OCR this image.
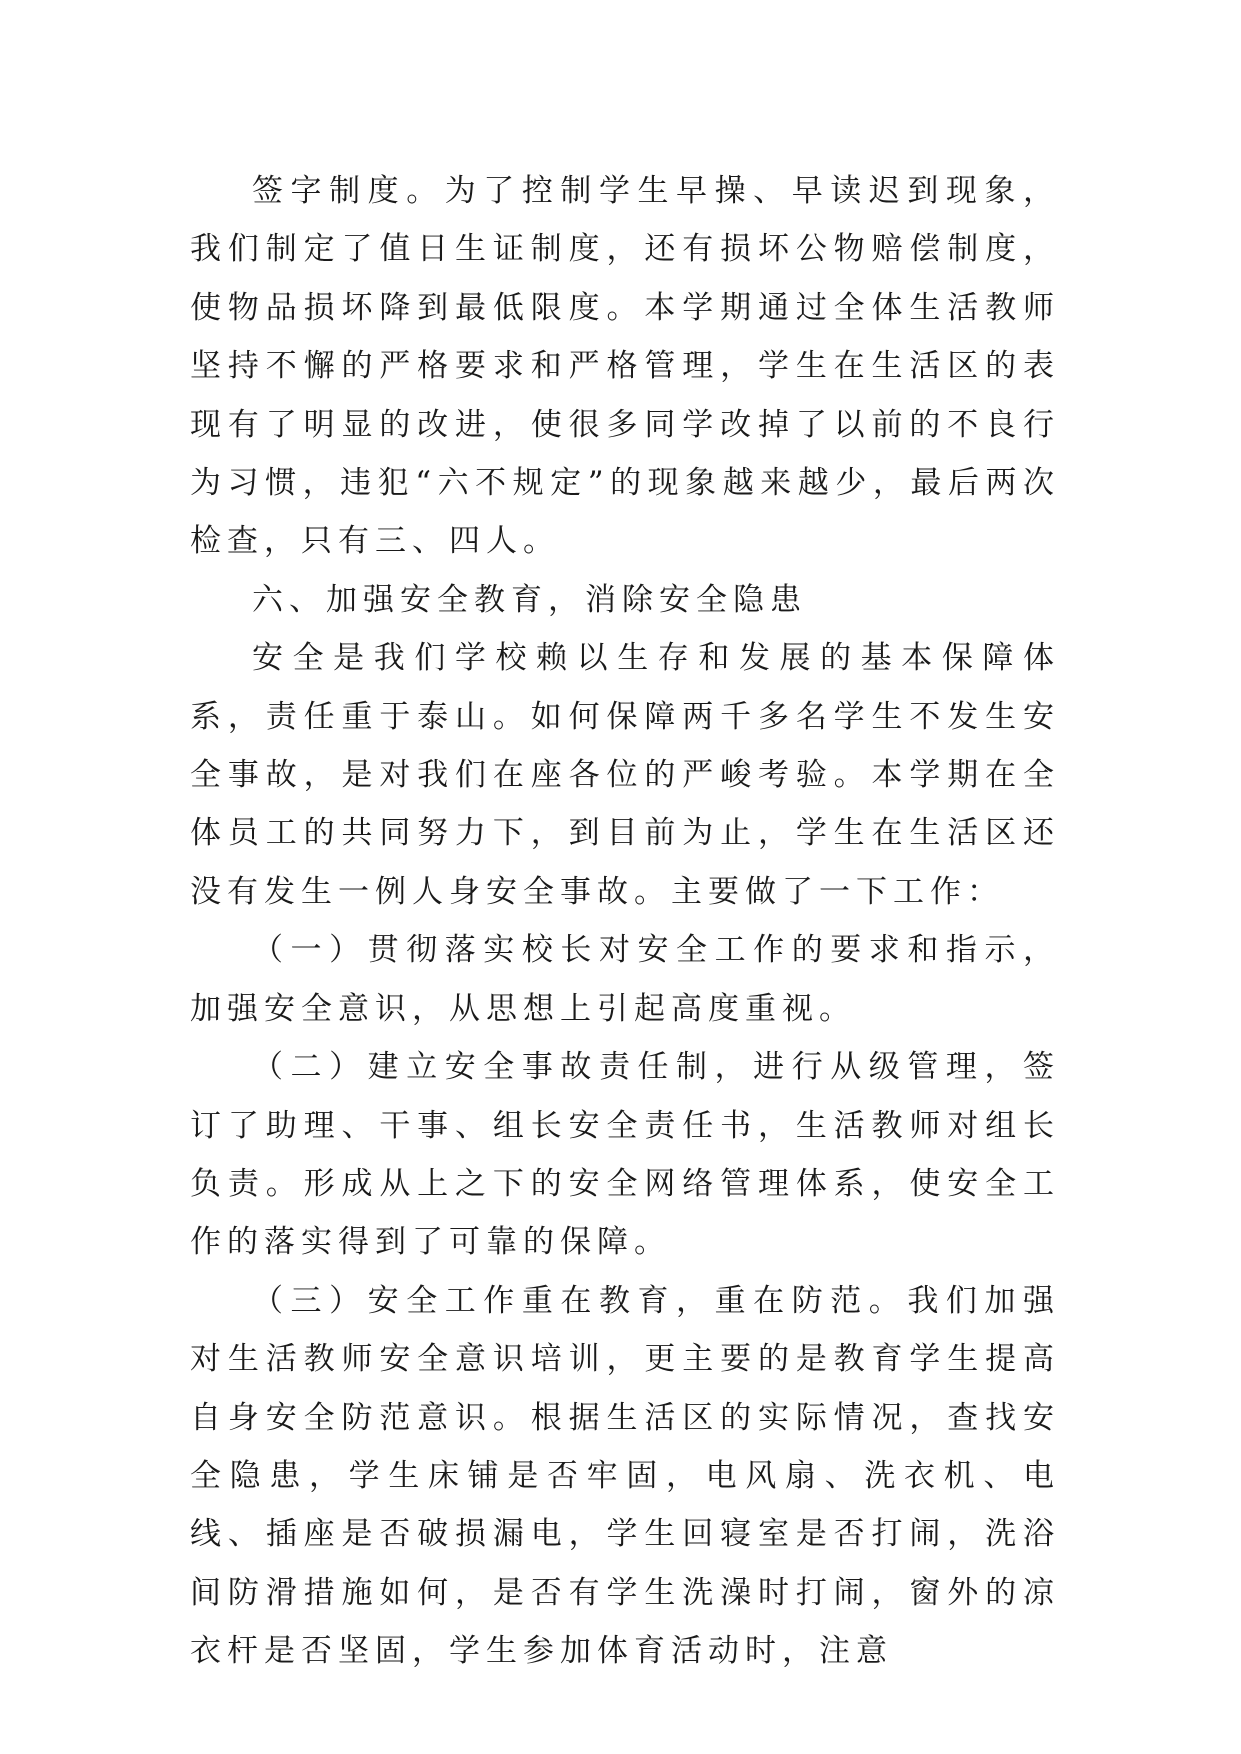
签字制度。为了控制学生早操、早读迟到现象，我们制定了值日生证制度，还有损坏公物赔偿制度，使物品损坏降到最低限度。本学期通过全体生活教师坚持不懈的严格要求和严格管理，学生在生活区的表现有了明显的改进，使很多同学改掉了以前的不良行为习惯，违犯“六不规定”的现象越来越少，最后两次检查，只有三、四人。

六、加强安全教育，消除安全隐患

安全是我们学校赖以生存和发展的基本保障体系，责任重于泰山。如何保障两千多名学生不发生安全事故，是对我们在座各位的严峻考验。本学期在全体员工的共同努力下，到目前为止，学生在生活区还没有发生一例人身安全事故。主要做了一下工作：

（一）贯彻落实校长对安全工作的要求和指示，加强安全意识，从思想上引起高度重视。

（二）建立安全事故责任制，进行从级管理，签订了助理、干事、组长安全责任书，生活教师对组长负责。形成从上之下的安全网络管理体系，使安全工作的落实得到了可靠的保障。

（三）安全工作重在教育，重在防范。我们加强对生活教师安全意识培训，更主要的是教育学生提高自身安全防范意识。根据生活区的实际情况，查找安全隐患，学生床铺是否牢固，电风扇、洗衣机、电线、插座是否破损漏电，学生回寝室是否打闹，洗浴间防滑措施如何，是否有学生洗澡时打闹，窗外的凉衣杆是否坚固，学生参加体育活动时，注意
